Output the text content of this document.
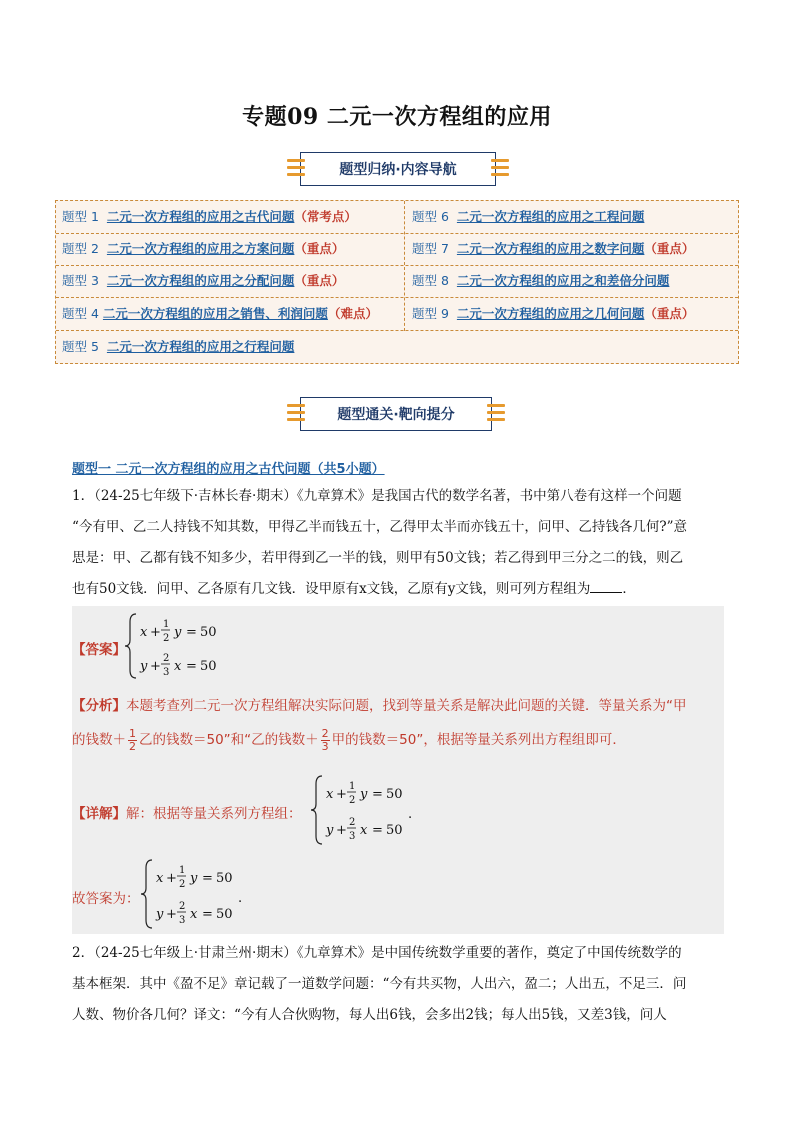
专题09 二元一次方程组的应用
题型归纳·内容导航
题型 1 二元一次方程组的应用之古代问题（常考点）	题型 6 二元一次方程组的应用之工程问题
题型 2 二元一次方程组的应用之方案问题（重点）	题型 7 二元一次方程组的应用之数字问题（重点）
题型 3 二元一次方程组的应用之分配问题（重点）	题型 8 二元一次方程组的应用之和差倍分问题
题型 4 二元一次方程组的应用之销售、利润问题（难点）	题型 9 二元一次方程组的应用之几何问题（重点）
题型 5 二元一次方程组的应用之行程问题
题型通关·靶向提分
题型一 二元一次方程组的应用之古代问题（共5小题）
1．（24-25七年级下·吉林长春·期末）《九章算术》是我国古代的数学名著，书中第八卷有这样一个问题
“今有甲、乙二人持钱不知其数，甲得乙半而钱五十，乙得甲太半而亦钱五十，问甲、乙持钱各几何?”意
思是：甲、乙都有钱不知多少，若甲得到乙一半的钱，则甲有50文钱；若乙得到甲三分之二的钱，则乙
也有50文钱．问甲、乙各原有几文钱．设甲原有x文钱，乙原有y文钱，则可列方程组为 ．
【答案】
x +
1
2 y = 50
y +
2
3 x = 50
【分析】本题考查列二元一次方程组解决实际问题，找到等量关系是解决此问题的关键．等量关系为“甲
的钱数＋ $\frac{1}{2}$ 乙的钱数＝50”和“乙的钱数＋ $\frac{2}{3}$ 甲的钱数＝50”，根据等量关系列出方程组即可．
【详解】解：根据等量关系列方程组：
x +
1
2 y = 50
y +
2
3 x = 50
.
故答案为：
x +
1
2 y = 50
y +
2
3 x = 50
.
2．（24-25七年级上·甘肃兰州·期末）《九章算术》是中国传统数学重要的著作，奠定了中国传统数学的
基本框架．其中《盈不足》章记载了一道数学问题：“今有共买物，人出六，盈二；人出五，不足三．问
人数、物价各几何？译文：“今有人合伙购物，每人出6钱，会多出2钱；每人出5钱，又差3钱，问人
